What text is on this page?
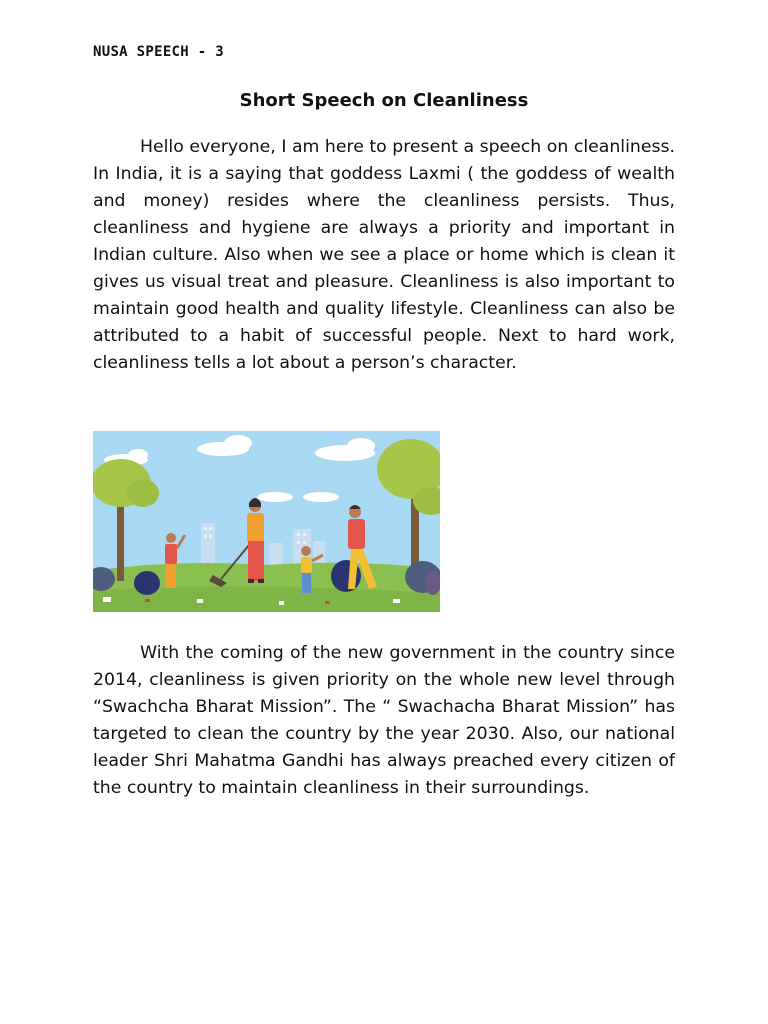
NUSA SPEECH - 3
Short Speech on Cleanliness

Hello everyone, I am here to present a speech on cleanliness. In India, it is a saying that goddess Laxmi ( the goddess of wealth and money) resides where the cleanliness persists. Thus, cleanliness and hygiene are always a priority and important in Indian culture. Also when we see a place or home which is clean it gives us visual treat and pleasure. Cleanliness is also important to maintain good health and quality lifestyle. Cleanliness can also be attributed to a habit of successful people. Next to hard work, cleanliness tells a lot about a person’s character.

With the coming of the new government in the country since 2014, cleanliness is given priority on the whole new level through “Swachcha Bharat Mission”. The “ Swachacha Bharat Mission” has targeted to clean the country by the year 2030. Also, our national leader Shri Mahatma Gandhi has always preached every citizen of the country to maintain cleanliness in their surroundings.
